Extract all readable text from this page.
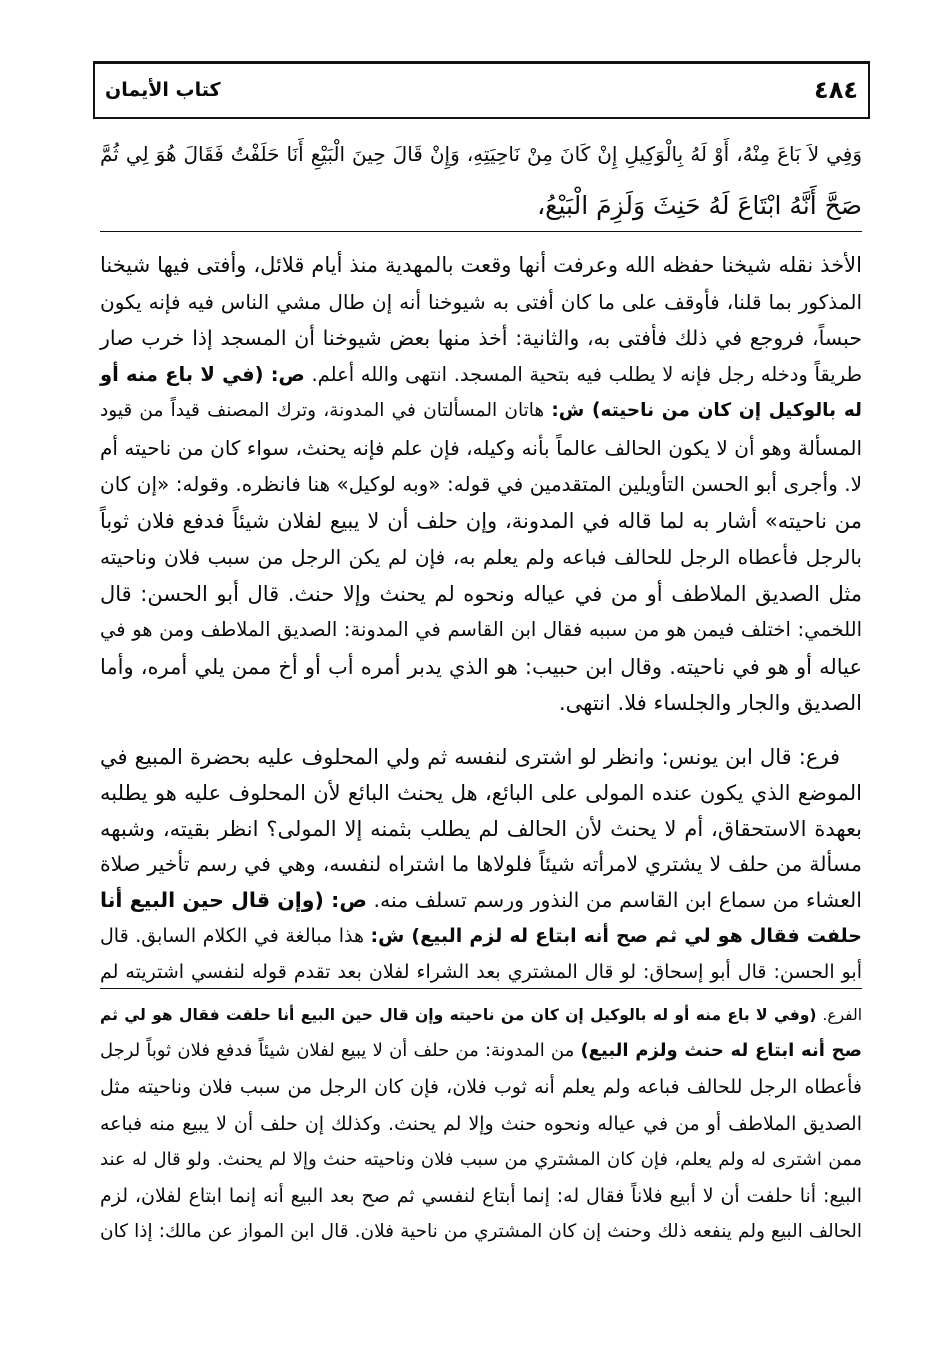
٤٨٤
كتاب الأيمان
وَفِي لاَ بَاعَ مِنْهُ، أَوْ لَهُ بِالْوَكِيلِ إِنْ كَانَ مِنْ نَاحِيَتِهِ، وَإِنْ قَالَ حِينَ الْبَيْعِ أَنَا حَلَفْتُ فَقَالَ هُوَ لِي ثُمَّ
صَحَّ أَنَّهُ ابْتَاعَ لَهُ حَنِثَ وَلَزِمَ الْبَيْعُ،
الأخذ نقله شيخنا حفظه الله وعرفت أنها وقعت بالمهدية منذ أيام قلائل، وأفتى فيها شيخنا
المذكور بما قلنا، فأوقف على ما كان أفتى به شيوخنا أنه إن طال مشي الناس فيه فإنه يكون
حبساً، فروجع في ذلك فأفتى به، والثانية: أخذ منها بعض شيوخنا أن المسجد إذا خرب صار
طريقاً ودخله رجل فإنه لا يطلب فيه بتحية المسجد. انتهى والله أعلم. ص: (في لا باع منه أو
له بالوكيل إن كان من ناحيته) ش: هاتان المسألتان في المدونة، وترك المصنف قيداً من قيود
المسألة وهو أن لا يكون الحالف عالماً بأنه وكيله، فإن علم فإنه يحنث، سواء كان من ناحيته أم
لا. وأجرى أبو الحسن التأويلين المتقدمين في قوله: «وبه لوكيل» هنا فانظره. وقوله: «إن كان
من ناحيته» أشار به لما قاله في المدونة، وإن حلف أن لا يبيع لفلان شيئاً فدفع فلان ثوباً
بالرجل فأعطاه الرجل للحالف فباعه ولم يعلم به، فإن لم يكن الرجل من سبب فلان وناحيته
مثل الصديق الملاطف أو من في عياله ونحوه لم يحنث وإلا حنث. قال أبو الحسن: قال
اللخمي: اختلف فيمن هو من سببه فقال ابن القاسم في المدونة: الصديق الملاطف ومن هو في
عياله أو هو في ناحيته. وقال ابن حبيب: هو الذي يدبر أمره أب أو أخ ممن يلي أمره، وأما
الصديق والجار والجلساء فلا. انتهى.
فرع: قال ابن يونس: وانظر لو اشترى لنفسه ثم ولي المحلوف عليه بحضرة المبيع في
الموضع الذي يكون عنده المولى على البائع، هل يحنث البائع لأن المحلوف عليه هو يطلبه
بعهدة الاستحقاق، أم لا يحنث لأن الحالف لم يطلب بثمنه إلا المولى؟ انظر بقيته، وشبهه
مسألة من حلف لا يشتري لامرأته شيئاً فلولاها ما اشتراه لنفسه، وهي في رسم تأخير صلاة
العشاء من سماع ابن القاسم من النذور ورسم تسلف منه. ص: (وإن قال حين البيع أنا
حلفت فقال هو لي ثم صح أنه ابتاع له لزم البيع) ش: هذا مبالغة في الكلام السابق. قال
أبو الحسن: قال أبو إسحاق: لو قال المشتري بعد الشراء لفلان بعد تقدم قوله لنفسي اشتريته لم
الفرع. (وفي لا باع منه أو له بالوكيل إن كان من ناحيته وإن قال حين البيع أنا حلفت فقال هو لي ثم
صح أنه ابتاع له حنث ولزم البيع) من المدونة: من حلف أن لا يبيع لفلان شيئاً فدفع فلان ثوباً لرجل
فأعطاه الرجل للحالف فباعه ولم يعلم أنه ثوب فلان، فإن كان الرجل من سبب فلان وناحيته مثل
الصديق الملاطف أو من في عياله ونحوه حنث وإلا لم يحنث. وكذلك إن حلف أن لا يبيع منه فباعه
ممن اشترى له ولم يعلم، فإن كان المشتري من سبب فلان وناحيته حنث وإلا لم يحنث. ولو قال له عند
البيع: أنا حلفت أن لا أبيع فلاناً فقال له: إنما أبتاع لنفسي ثم صح بعد البيع أنه إنما ابتاع لفلان، لزم
الحالف البيع ولم ينفعه ذلك وحنث إن كان المشتري من ناحية فلان. قال ابن المواز عن مالك: إذا كان
